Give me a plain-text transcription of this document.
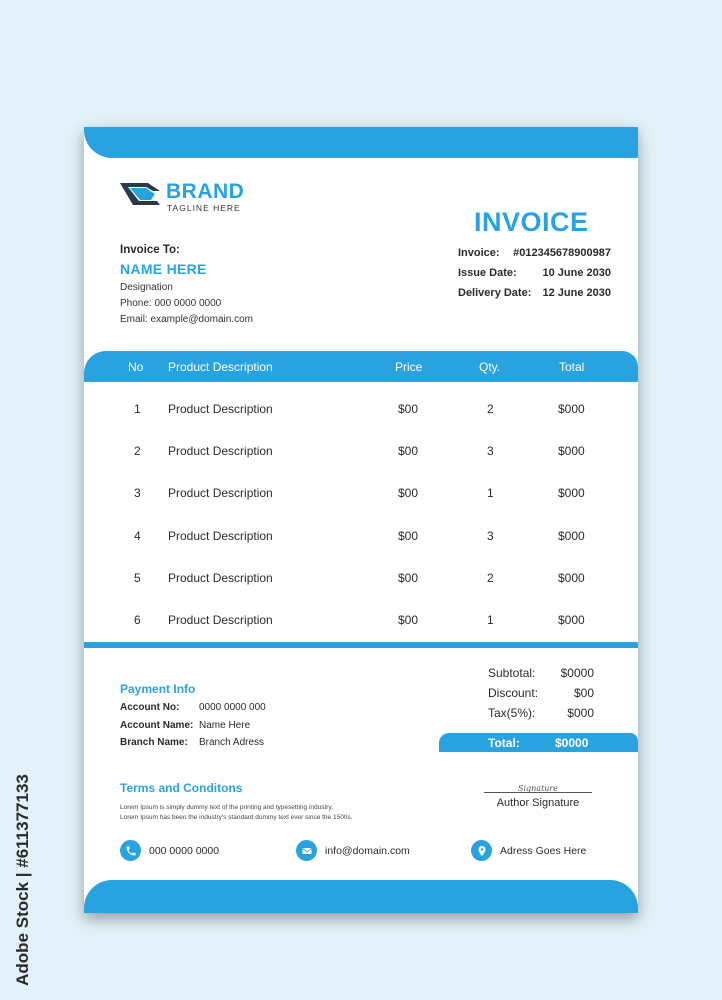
Adobe Stock | #611377133
BRAND
TAGLINE HERE	INVOICE
Invoice: #012345678900987
Issue Date: 10 June 2030
Delivery Date: 12 June 2030
Invoice To:
NAME HERE
Designation
Phone: 000 0000 0000
Email: example@domain.com
No Product Description	Price	Qty.	Total
1 Product Description	$00	2	$000
2 Product Description	$00	3	$000
3 Product Description	$00	1	$000
4 Product Description	$00	3	$000
5 Product Description	$00	2	$000
6 Product Description	$00	1	$000
Payment Info
Account No: 0000 0000 000
Account Name: Name Here
Branch Name: Branch Adress
Subtotal: $0000
Discount:	$00
Tax(5%):	$000
Total:	$0000
Terms and Conditons
Lorem Ipsum is simply dummy text of the printing and typesetting industry.
Lorem Ipsum has been the industry's standard dummy text ever since the 1500s.
Signature
Author Signature
000 0000 0000	info@domain.com	Adress Goes Here
